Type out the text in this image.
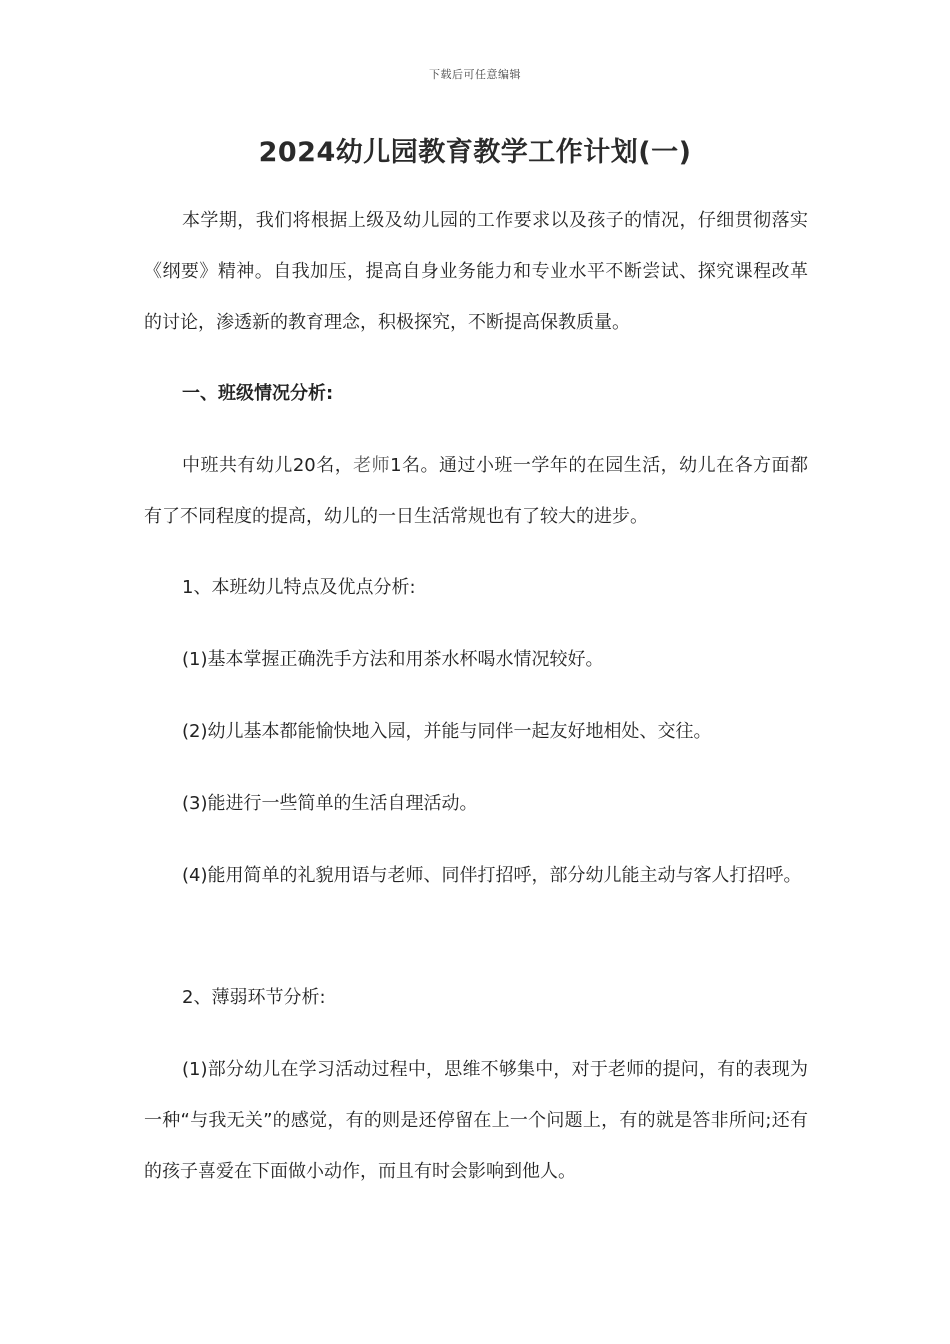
下载后可任意编辑
2024幼儿园教育教学工作计划(一)

本学期，我们将根据上级及幼儿园的工作要求以及孩子的情况，仔细贯彻落实《纲要》精神。自我加压，提高自身业务能力和专业水平不断尝试、探究课程改革的讨论，渗透新的教育理念，积极探究，不断提高保教质量。

一、班级情况分析:

中班共有幼儿20名，老师1名。通过小班一学年的在园生活，幼儿在各方面都有了不同程度的提高，幼儿的一日生活常规也有了较大的进步。

1、本班幼儿特点及优点分析:

(1)基本掌握正确洗手方法和用茶水杯喝水情况较好。

(2)幼儿基本都能愉快地入园，并能与同伴一起友好地相处、交往。

(3)能进行一些简单的生活自理活动。

(4)能用简单的礼貌用语与老师、同伴打招呼，部分幼儿能主动与客人打招呼。

2、薄弱环节分析:

(1)部分幼儿在学习活动过程中，思维不够集中，对于老师的提问，有的表现为一种“与我无关”的感觉，有的则是还停留在上一个问题上，有的就是答非所问;还有的孩子喜爱在下面做小动作，而且有时会影响到他人。
